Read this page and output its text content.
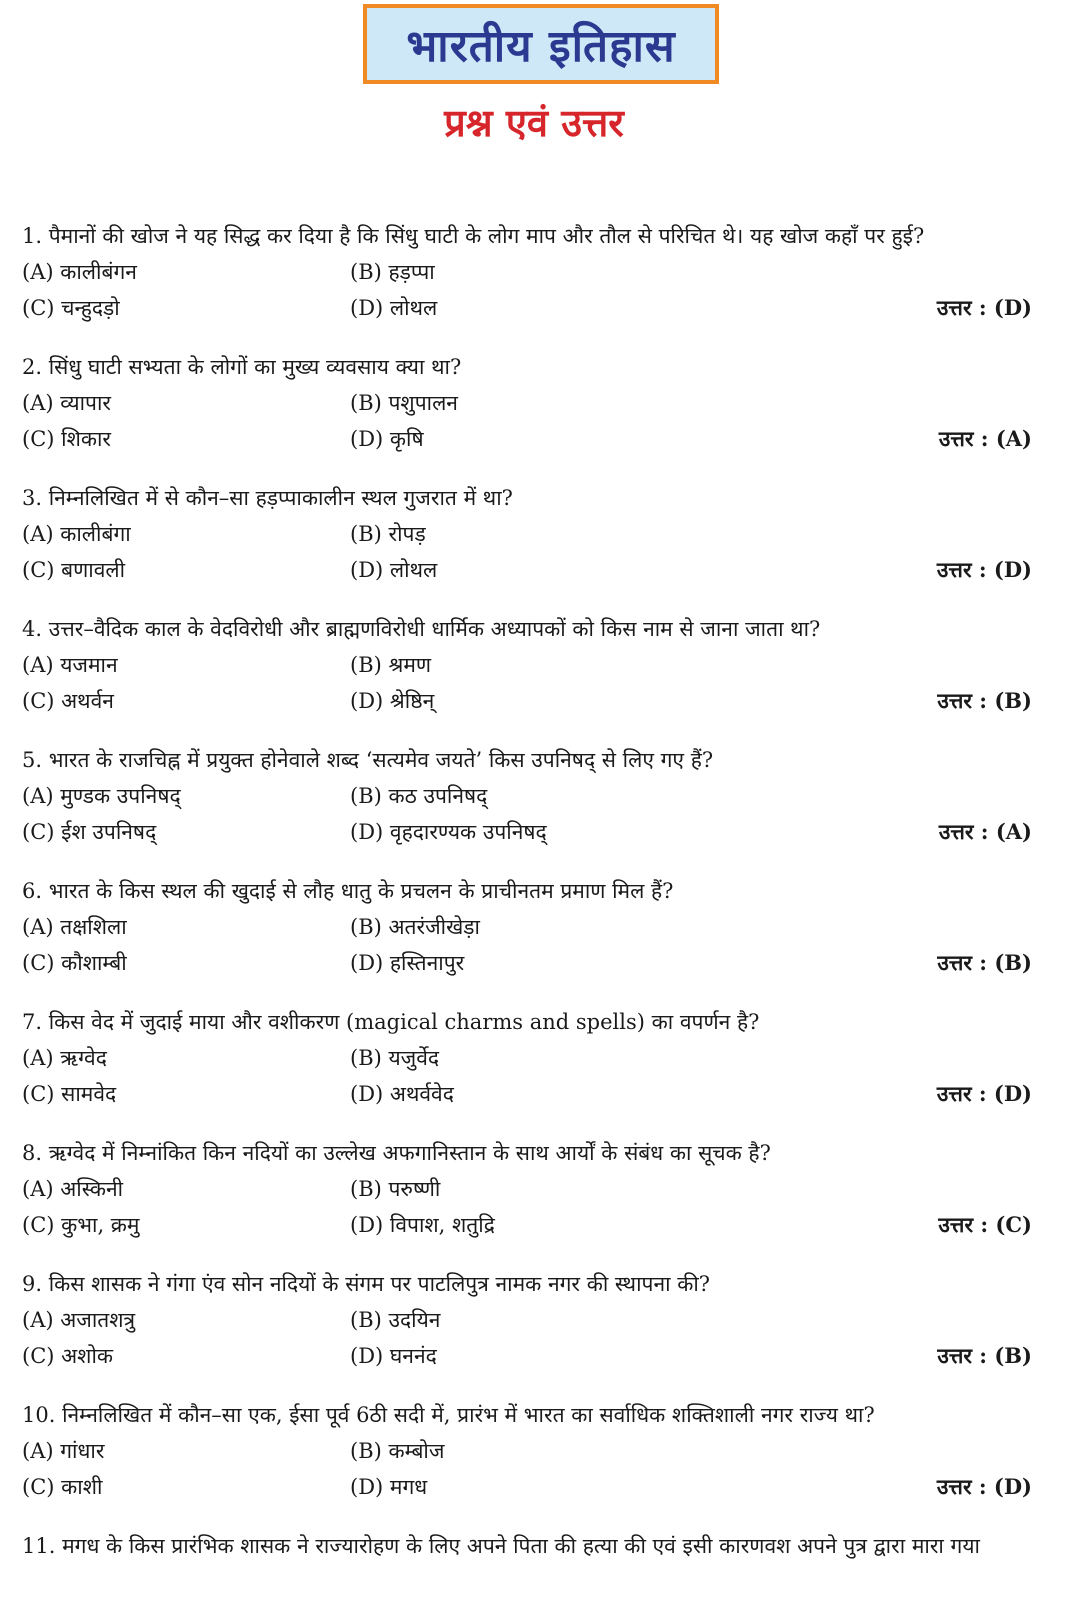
भारतीय इतिहास
प्रश्न एवं उत्तर
1. पैमानों की खोज ने यह सिद्ध कर दिया है कि सिंधु घाटी के लोग माप और तौल से परिचित थे। यह खोज कहाँ पर हुई?
(A) कालीबंगन	(B) हड़प्पा
(C) चन्हुदड़ो	(D) लोथल	उत्तर : (D)
2. सिंधु घाटी सभ्यता के लोगों का मुख्य व्यवसाय क्या था?
(A) व्यापार	(B) पशुपालन
(C) शिकार	(D) कृषि	उत्तर : (A)
3. निम्नलिखित में से कौन–सा हड़प्पाकालीन स्थल गुजरात में था?
(A) कालीबंगा	(B) रोपड़
(C) बणावली	(D) लोथल	उत्तर : (D)
4. उत्तर–वैदिक काल के वेदविरोधी और ब्राह्मणविरोधी धार्मिक अध्यापकों को किस नाम से जाना जाता था?
(A) यजमान	(B) श्रमण
(C) अथर्वन	(D) श्रेष्ठिन्	उत्तर : (B)
5. भारत के राजचिह्न में प्रयुक्त होनेवाले शब्द ‘सत्यमेव जयते’ किस उपनिषद् से लिए गए हैं?
(A) मुण्डक उपनिषद्	(B) कठ उपनिषद्
(C) ईश उपनिषद्	(D) वृहदारण्यक उपनिषद्	उत्तर : (A)
6. भारत के किस स्थल की खुदाई से लौह धातु के प्रचलन के प्राचीनतम प्रमाण मिल हैं?
(A) तक्षशिला	(B) अतरंजीखेड़ा
(C) कौशाम्बी	(D) हस्तिनापुर	उत्तर : (B)
7. किस वेद में जुदाई माया और वशीकरण (magical charms and spells) का वपर्णन है?
(A) ऋग्वेद	(B) यजुर्वेद
(C) सामवेद	(D) अथर्ववेद	उत्तर : (D)
8. ऋग्वेद में निम्नांकित किन नदियों का उल्लेख अफगानिस्तान के साथ आर्यों के संबंध का सूचक है?
(A) अस्किनी	(B) परुष्णी
(C) कुभा, क्रमु	(D) विपाश, शतुद्रि	उत्तर : (C)
9. किस शासक ने गंगा एंव सोन नदियों के संगम पर पाटलिपुत्र नामक नगर की स्थापना की?
(A) अजातशत्रु	(B) उदयिन
(C) अशोक	(D) घननंद	उत्तर : (B)
10. निम्नलिखित में कौन–सा एक, ईसा पूर्व 6ठी सदी में, प्रारंभ में भारत का सर्वाधिक शक्तिशाली नगर राज्य था?
(A) गांधार	(B) कम्बोज
(C) काशी	(D) मगध	उत्तर : (D)
11. मगध के किस प्रारंभिक शासक ने राज्यारोहण के लिए अपने पिता की हत्या की एवं इसी कारणवश अपने पुत्र द्वारा मारा गया
